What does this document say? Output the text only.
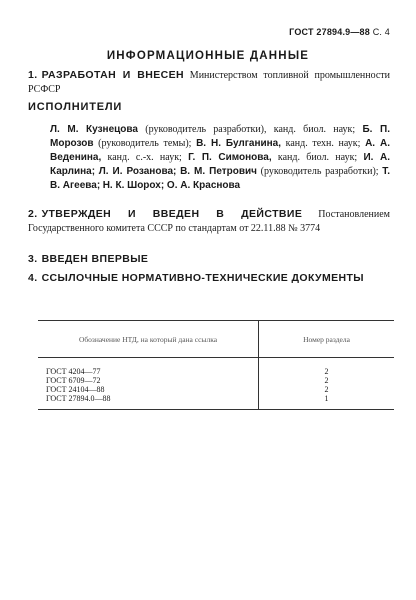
ГОСТ 27894.9—88 С. 4
ИНФОРМАЦИОННЫЕ ДАННЫЕ
1. РАЗРАБОТАН И ВНЕСЕН Министерством топливной промышленности РСФСР
ИСПОЛНИТЕЛИ
Л. М. Кузнецова (руководитель разработки), канд. биол. наук; Б. П. Морозов (руководитель темы); В. Н. Булганина, канд. техн. наук; А. А. Веденина, канд. с.-х. наук; Г. П. Симонова, канд. биол. наук; И. А. Карлина; Л. И. Розанова; В. М. Петрович (руководитель разработки); Т. В. Агеева; Н. К. Шорох; О. А. Краснова
2. УТВЕРЖДЕН И ВВЕДЕН В ДЕЙСТВИЕ Постановлением Государственного комитета СССР по стандартам от 22.11.88 № 3774
3. ВВЕДЕН ВПЕРВЫЕ
4. ССЫЛОЧНЫЕ НОРМАТИВНО-ТЕХНИЧЕСКИЕ ДОКУМЕНТЫ
Обозначение НТД, на который дана ссылка	Номер раздела
ГОСТ 4204—77
ГОСТ 6709—72
ГОСТ 24104—88
ГОСТ 27894.0—88
2
2
2
1
